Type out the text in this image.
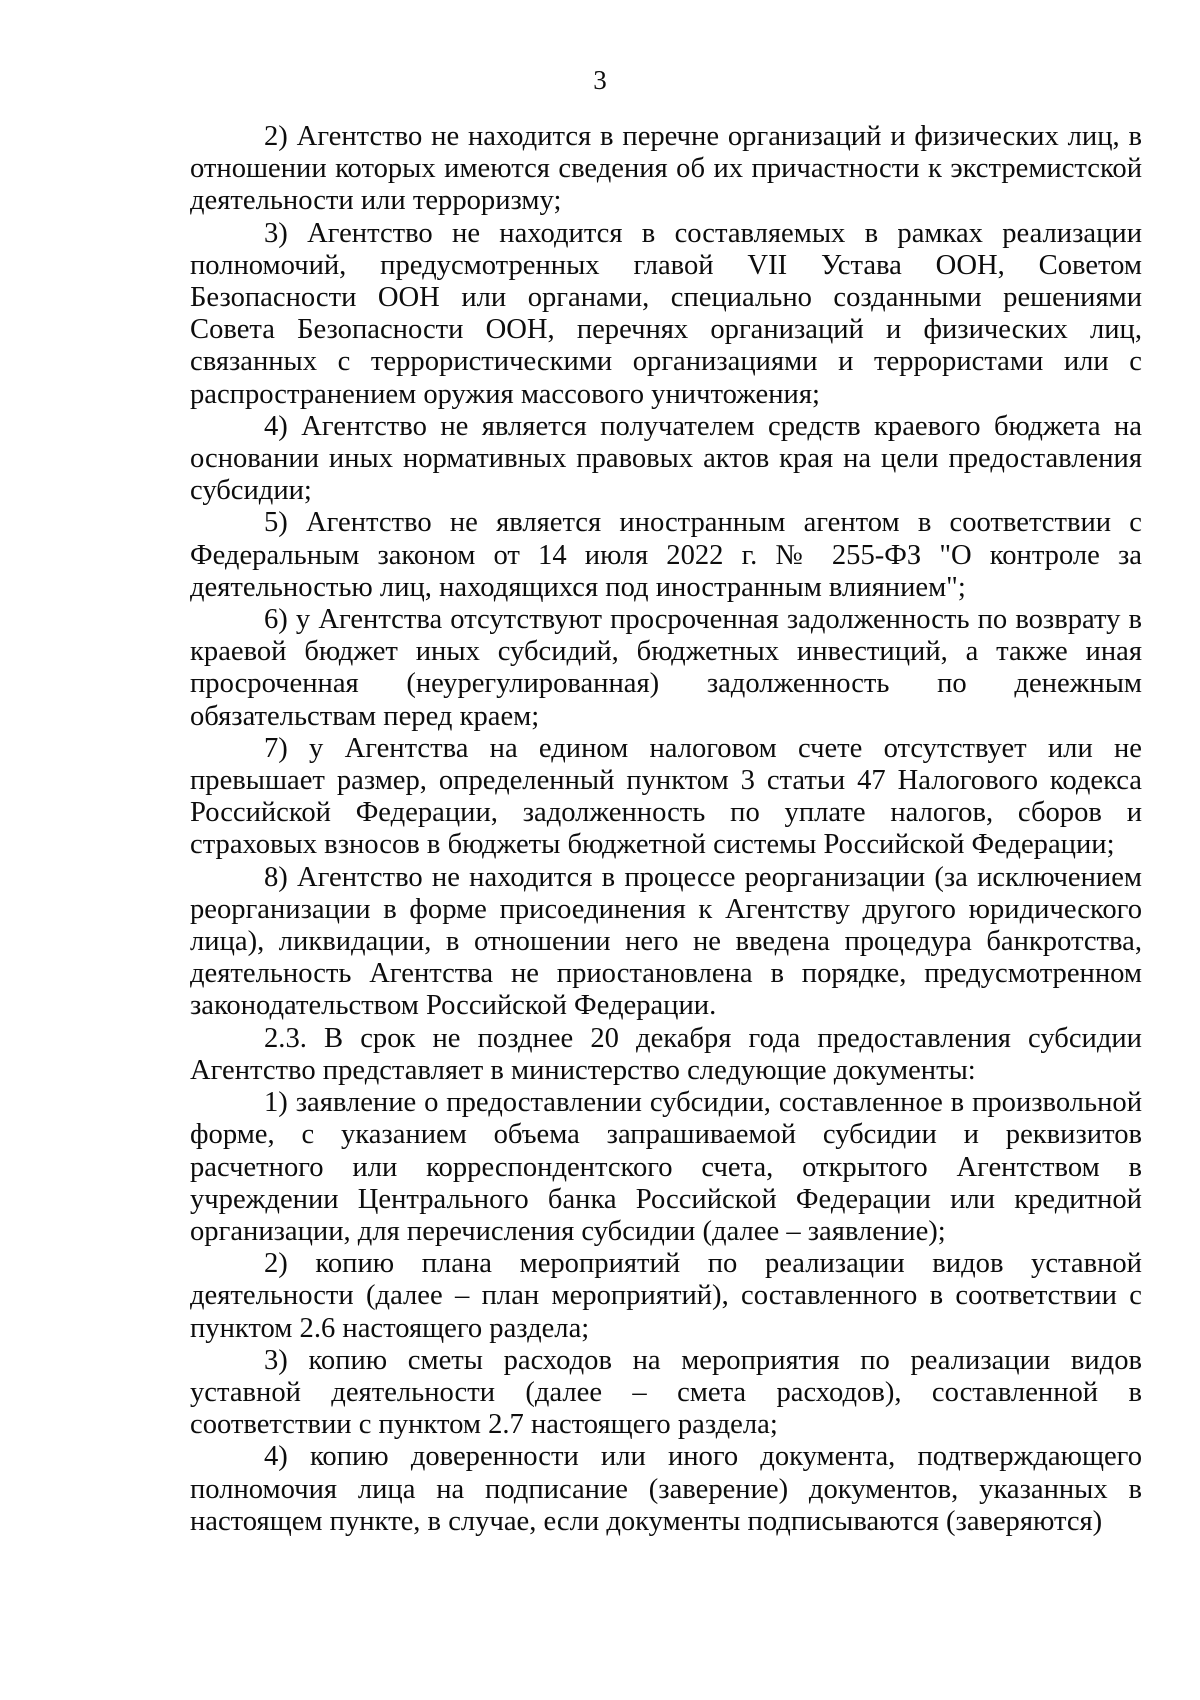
3

2) Агентство не находится в перечне организаций и физических лиц, в отношении которых имеются сведения об их причастности к экстремистской деятельности или терроризму;

3) Агентство не находится в составляемых в рамках реализации полномочий, предусмотренных главой VII Устава ООН, Советом Безопасности ООН или органами, специально созданными решениями Совета Безопасности ООН, перечнях организаций и физических лиц, связанных с террористическими организациями и террористами или с распространением оружия массового уничтожения;

4) Агентство не является получателем средств краевого бюджета на основании иных нормативных правовых актов края на цели предоставления субсидии;

5) Агентство не является иностранным агентом в соответствии с Федеральным законом от 14 июля 2022 г. № 255-ФЗ "О контроле за деятельностью лиц, находящихся под иностранным влиянием";

6) у Агентства отсутствуют просроченная задолженность по возврату в краевой бюджет иных субсидий, бюджетных инвестиций, а также иная просроченная (неурегулированная) задолженность по денежным обязательствам перед краем;

7) у Агентства на едином налоговом счете отсутствует или не превышает размер, определенный пунктом 3 статьи 47 Налогового кодекса Российской Федерации, задолженность по уплате налогов, сборов и страховых взносов в бюджеты бюджетной системы Российской Федерации;

8) Агентство не находится в процессе реорганизации (за исключением реорганизации в форме присоединения к Агентству другого юридического лица), ликвидации, в отношении него не введена процедура банкротства, деятельность Агентства не приостановлена в порядке, предусмотренном законодательством Российской Федерации.

2.3. В срок не позднее 20 декабря года предоставления субсидии Агентство представляет в министерство следующие документы:

1) заявление о предоставлении субсидии, составленное в произвольной форме, с указанием объема запрашиваемой субсидии и реквизитов расчетного или корреспондентского счета, открытого Агентством в учреждении Центрального банка Российской Федерации или кредитной организации, для перечисления субсидии (далее – заявление);

2) копию плана мероприятий по реализации видов уставной деятельности (далее – план мероприятий), составленного в соответствии с пунктом 2.6 настоящего раздела;

3) копию сметы расходов на мероприятия по реализации видов уставной деятельности (далее – смета расходов), составленной в соответствии с пунктом 2.7 настоящего раздела;

4) копию доверенности или иного документа, подтверждающего полномочия лица на подписание (заверение) документов, указанных в настоящем пункте, в случае, если документы подписываются (заверяются)
